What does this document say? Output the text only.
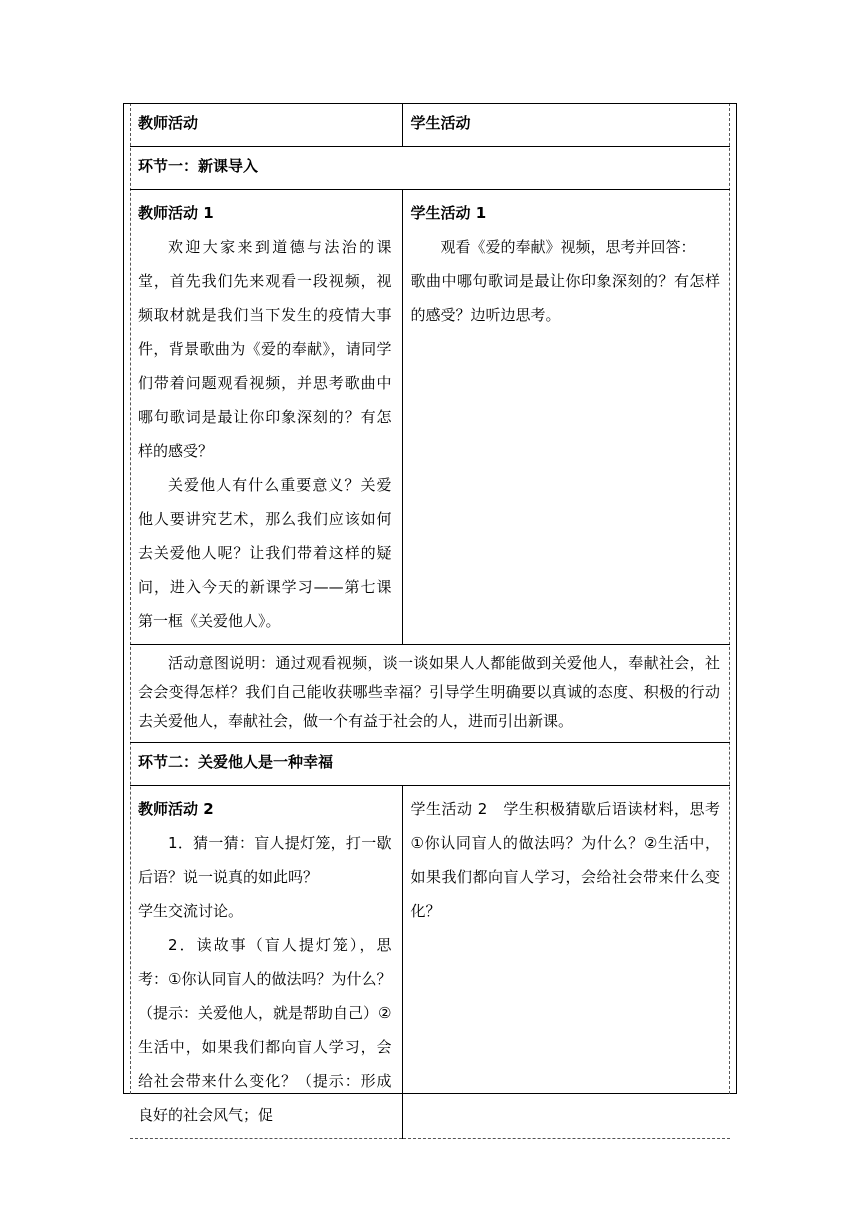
教师活动	学生活动

环节一：新课导入	

教师活动 1
欢迎大家来到道德与法治的课堂，首先我们先来观看一段视频，视频取材就是我们当下发生的疫情大事件，背景歌曲为《爱的奉献》，请同学们带着问题观看视频，并思考歌曲中哪句歌词是最让你印象深刻的？有怎样的感受？
关爱他人有什么重要意义？关爱他人要讲究艺术，那么我们应该如何去关爱他人呢？让我们带着这样的疑问，进入今天的新课学习——第七课第一框《关爱他人》。	学生活动 1
观看《爱的奉献》视频，思考并回答：
歌曲中哪句歌词是最让你印象深刻的？有怎样的感受？边听边思考。

活动意图说明：通过观看视频，谈一谈如果人人都能做到关爱他人，奉献社会，社会会变得怎样？我们自己能收获哪些幸福？引导学生明确要以真诚的态度、积极的行动去关爱他人，奉献社会，做一个有益于社会的人，进而引出新课。	

环节二：关爱他人是一种幸福	

教师活动 2
1．猜一猜：盲人提灯笼，打一歇后语？说一说真的如此吗？
学生交流讨论。
2．读故事（盲人提灯笼），思考：①你认同盲人的做法吗？为什么？（提示：关爱他人，就是帮助自己）②生活中，如果我们都向盲人学习，会给社会带来什么变化？（提示：形成良好的社会风气；促	学生活动 2　学生积极猜歇后语读材料，思考①你认同盲人的做法吗？为什么？②生活中，如果我们都向盲人学习，会给社会带来什么变化？
